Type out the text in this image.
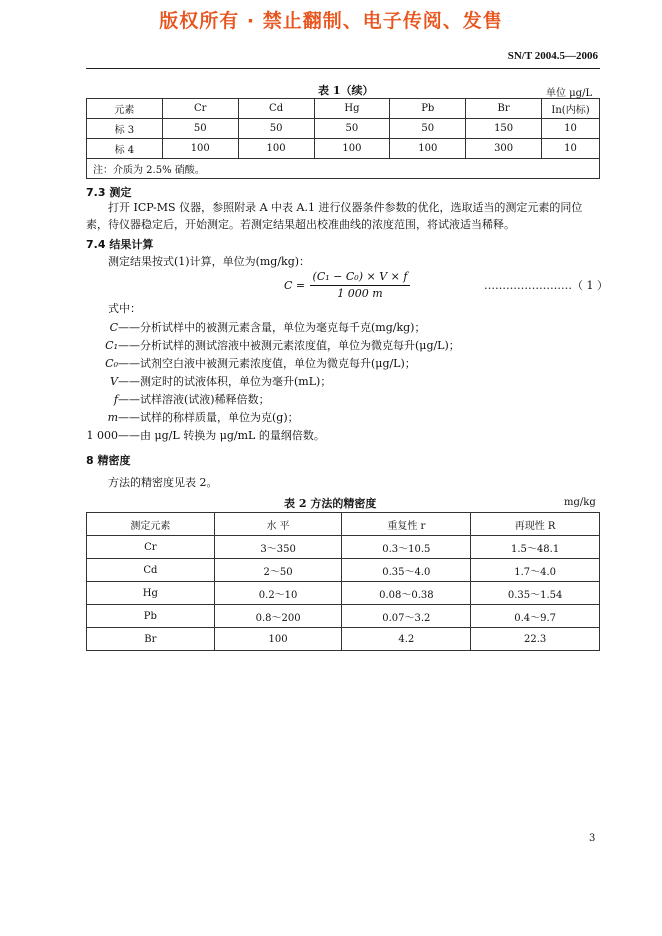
版权所有 · 禁止翻制、电子传阅、发售
SN/T 2004.5—2006
表 1（续）	单位 μg/L
元素	Cr	Cd	Hg	Pb	Br	In(内标)
标 3	50	50	50	50	150	10
标 4	100	100	100	100	300	10
注：介质为 2.5% 硝酸。						
7.3 测定
打开 ICP-MS 仪器，参照附录 A 中表 A.1 进行仪器条件参数的优化，选取适当的测定元素的同位
素，待仪器稳定后，开始测定。若测定结果超出校准曲线的浓度范围，将试液适当稀释。
7.4 结果计算
测定结果按式(1)计算，单位为(mg/kg)：
C =
(C₁ − C₀) × V × f
1 000 m
……………………（ 1 ）
式中：
C——分析试样中的被测元素含量，单位为毫克每千克(mg/kg)；
C₁——分析试样的测试溶液中被测元素浓度值，单位为微克每升(μg/L)；
C₀——试剂空白液中被测元素浓度值，单位为微克每升(μg/L)；
V——测定时的试液体积，单位为毫升(mL)；
f——试样溶液(试液)稀释倍数；
m——试样的称样质量，单位为克(g)；
1 000——由 μg/L 转换为 μg/mL 的量纲倍数。
8 精密度
方法的精密度见表 2。
表 2 方法的精密度	mg/kg
测定元素	水 平	重复性 r	再现性 R
Cr	3～350	0.3～10.5	1.5～48.1
Cd	2～50	0.35～4.0	1.7～4.0
Hg	0.2～10	0.08～0.38	0.35～1.54
Pb	0.8～200	0.07～3.2	0.4～9.7
Br	100	4.2	22.3
3
